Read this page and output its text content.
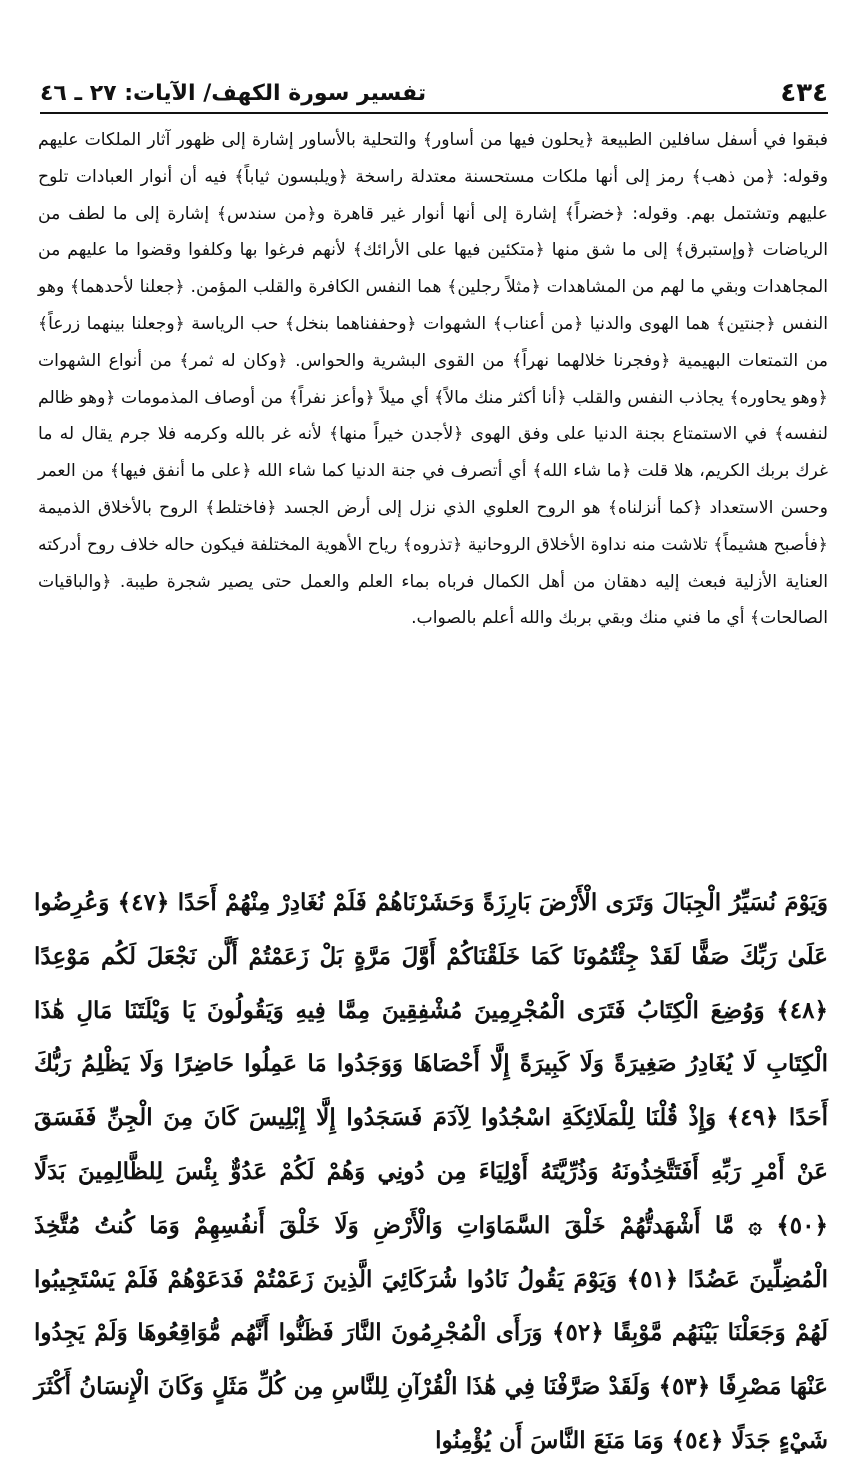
٤٣٤
تفسير سورة الكهف/ الآيات: ٢٧ ـ ٤٦

فبقوا في أسفل سافلين الطبيعة ﴿يحلون فيها من أساور﴾ والتحلية بالأساور إشارة إلى ظهور آثار الملكات عليهم وقوله: ﴿من ذهب﴾ رمز إلى أنها ملكات مستحسنة معتدلة راسخة ﴿ويلبسون ثياباً﴾ فيه أن أنوار العبادات تلوح عليهم وتشتمل بهم. وقوله: ﴿خضراً﴾ إشارة إلى أنها أنوار غير قاهرة و﴿من سندس﴾ إشارة إلى ما لطف من الرياضات ﴿وإستبرق﴾ إلى ما شق منها ﴿متكئين فيها على الأرائك﴾ لأنهم فرغوا بها وكلفوا وقضوا ما عليهم من المجاهدات وبقي ما لهم من المشاهدات ﴿مثلاً رجلين﴾ هما النفس الكافرة والقلب المؤمن. ﴿جعلنا لأحدهما﴾ وهو النفس ﴿جنتين﴾ هما الهوى والدنيا ﴿من أعناب﴾ الشهوات ﴿وحففناهما بنخل﴾ حب الرياسة ﴿وجعلنا بينهما زرعاً﴾ من التمتعات البهيمية ﴿وفجرنا خلالهما نهراً﴾ من القوى البشرية والحواس. ﴿وكان له ثمر﴾ من أنواع الشهوات ﴿وهو يحاوره﴾ يجاذب النفس والقلب ﴿أنا أكثر منك مالاً﴾ أي ميلاً ﴿وأعز نفراً﴾ من أوصاف المذمومات ﴿وهو ظالم لنفسه﴾ في الاستمتاع بجنة الدنيا على وفق الهوى ﴿لأجدن خيراً منها﴾ لأنه غر بالله وكرمه فلا جرم يقال له ما غرك بربك الكريم، هلا قلت ﴿ما شاء الله﴾ أي أتصرف في جنة الدنيا كما شاء الله ﴿على ما أنفق فيها﴾ من العمر وحسن الاستعداد ﴿كما أنزلناه﴾ هو الروح العلوي الذي نزل إلى أرض الجسد ﴿فاختلط﴾ الروح بالأخلاق الذميمة ﴿فأصبح هشيماً﴾ تلاشت منه نداوة الأخلاق الروحانية ﴿تذروه﴾ رياح الأهوية المختلفة فيكون حاله خلاف روح أدركته العناية الأزلية فبعث إليه دهقان من أهل الكمال فرباه بماء العلم والعمل حتى يصير شجرة طيبة. ﴿والباقيات الصالحات﴾ أي ما فني منك وبقي بربك والله أعلم بالصواب.

وَيَوْمَ نُسَيِّرُ الْجِبَالَ وَتَرَى الْأَرْضَ بَارِزَةً وَحَشَرْنَاهُمْ فَلَمْ نُغَادِرْ مِنْهُمْ أَحَدًا ﴿٤٧﴾ وَعُرِضُوا عَلَىٰ رَبِّكَ صَفًّا لَقَدْ جِئْتُمُونَا كَمَا خَلَقْنَاكُمْ أَوَّلَ مَرَّةٍ بَلْ زَعَمْتُمْ أَلَّن نَجْعَلَ لَكُم مَوْعِدًا ﴿٤٨﴾ وَوُضِعَ الْكِتَابُ فَتَرَى الْمُجْرِمِينَ مُشْفِقِينَ مِمَّا فِيهِ وَيَقُولُونَ يَا وَيْلَتَنَا مَالِ هَٰذَا الْكِتَابِ لَا يُغَادِرُ صَغِيرَةً وَلَا كَبِيرَةً إِلَّا أَحْصَاهَا وَوَجَدُوا مَا عَمِلُوا حَاضِرًا وَلَا يَظْلِمُ رَبُّكَ أَحَدًا ﴿٤٩﴾ وَإِذْ قُلْنَا لِلْمَلَائِكَةِ اسْجُدُوا لِآدَمَ فَسَجَدُوا إِلَّا إِبْلِيسَ كَانَ مِنَ الْجِنِّ فَفَسَقَ عَنْ أَمْرِ رَبِّهِ أَفَتَتَّخِذُونَهُ وَذُرِّيَّتَهُ أَوْلِيَاءَ مِن دُونِي وَهُمْ لَكُمْ عَدُوٌّ بِئْسَ لِلظَّالِمِينَ بَدَلًا ﴿٥٠﴾ ۞ مَّا أَشْهَدتُّهُمْ خَلْقَ السَّمَاوَاتِ وَالْأَرْضِ وَلَا خَلْقَ أَنفُسِهِمْ وَمَا كُنتُ مُتَّخِذَ الْمُضِلِّينَ عَضُدًا ﴿٥١﴾ وَيَوْمَ يَقُولُ نَادُوا شُرَكَائِيَ الَّذِينَ زَعَمْتُمْ فَدَعَوْهُمْ فَلَمْ يَسْتَجِيبُوا لَهُمْ وَجَعَلْنَا بَيْنَهُم مَّوْبِقًا ﴿٥٢﴾ وَرَأَى الْمُجْرِمُونَ النَّارَ فَظَنُّوا أَنَّهُم مُّوَاقِعُوهَا وَلَمْ يَجِدُوا عَنْهَا مَصْرِفًا ﴿٥٣﴾ وَلَقَدْ صَرَّفْنَا فِي هَٰذَا الْقُرْآنِ لِلنَّاسِ مِن كُلِّ مَثَلٍ وَكَانَ الْإِنسَانُ أَكْثَرَ شَيْءٍ جَدَلًا ﴿٥٤﴾ وَمَا مَنَعَ النَّاسَ أَن يُؤْمِنُوا
